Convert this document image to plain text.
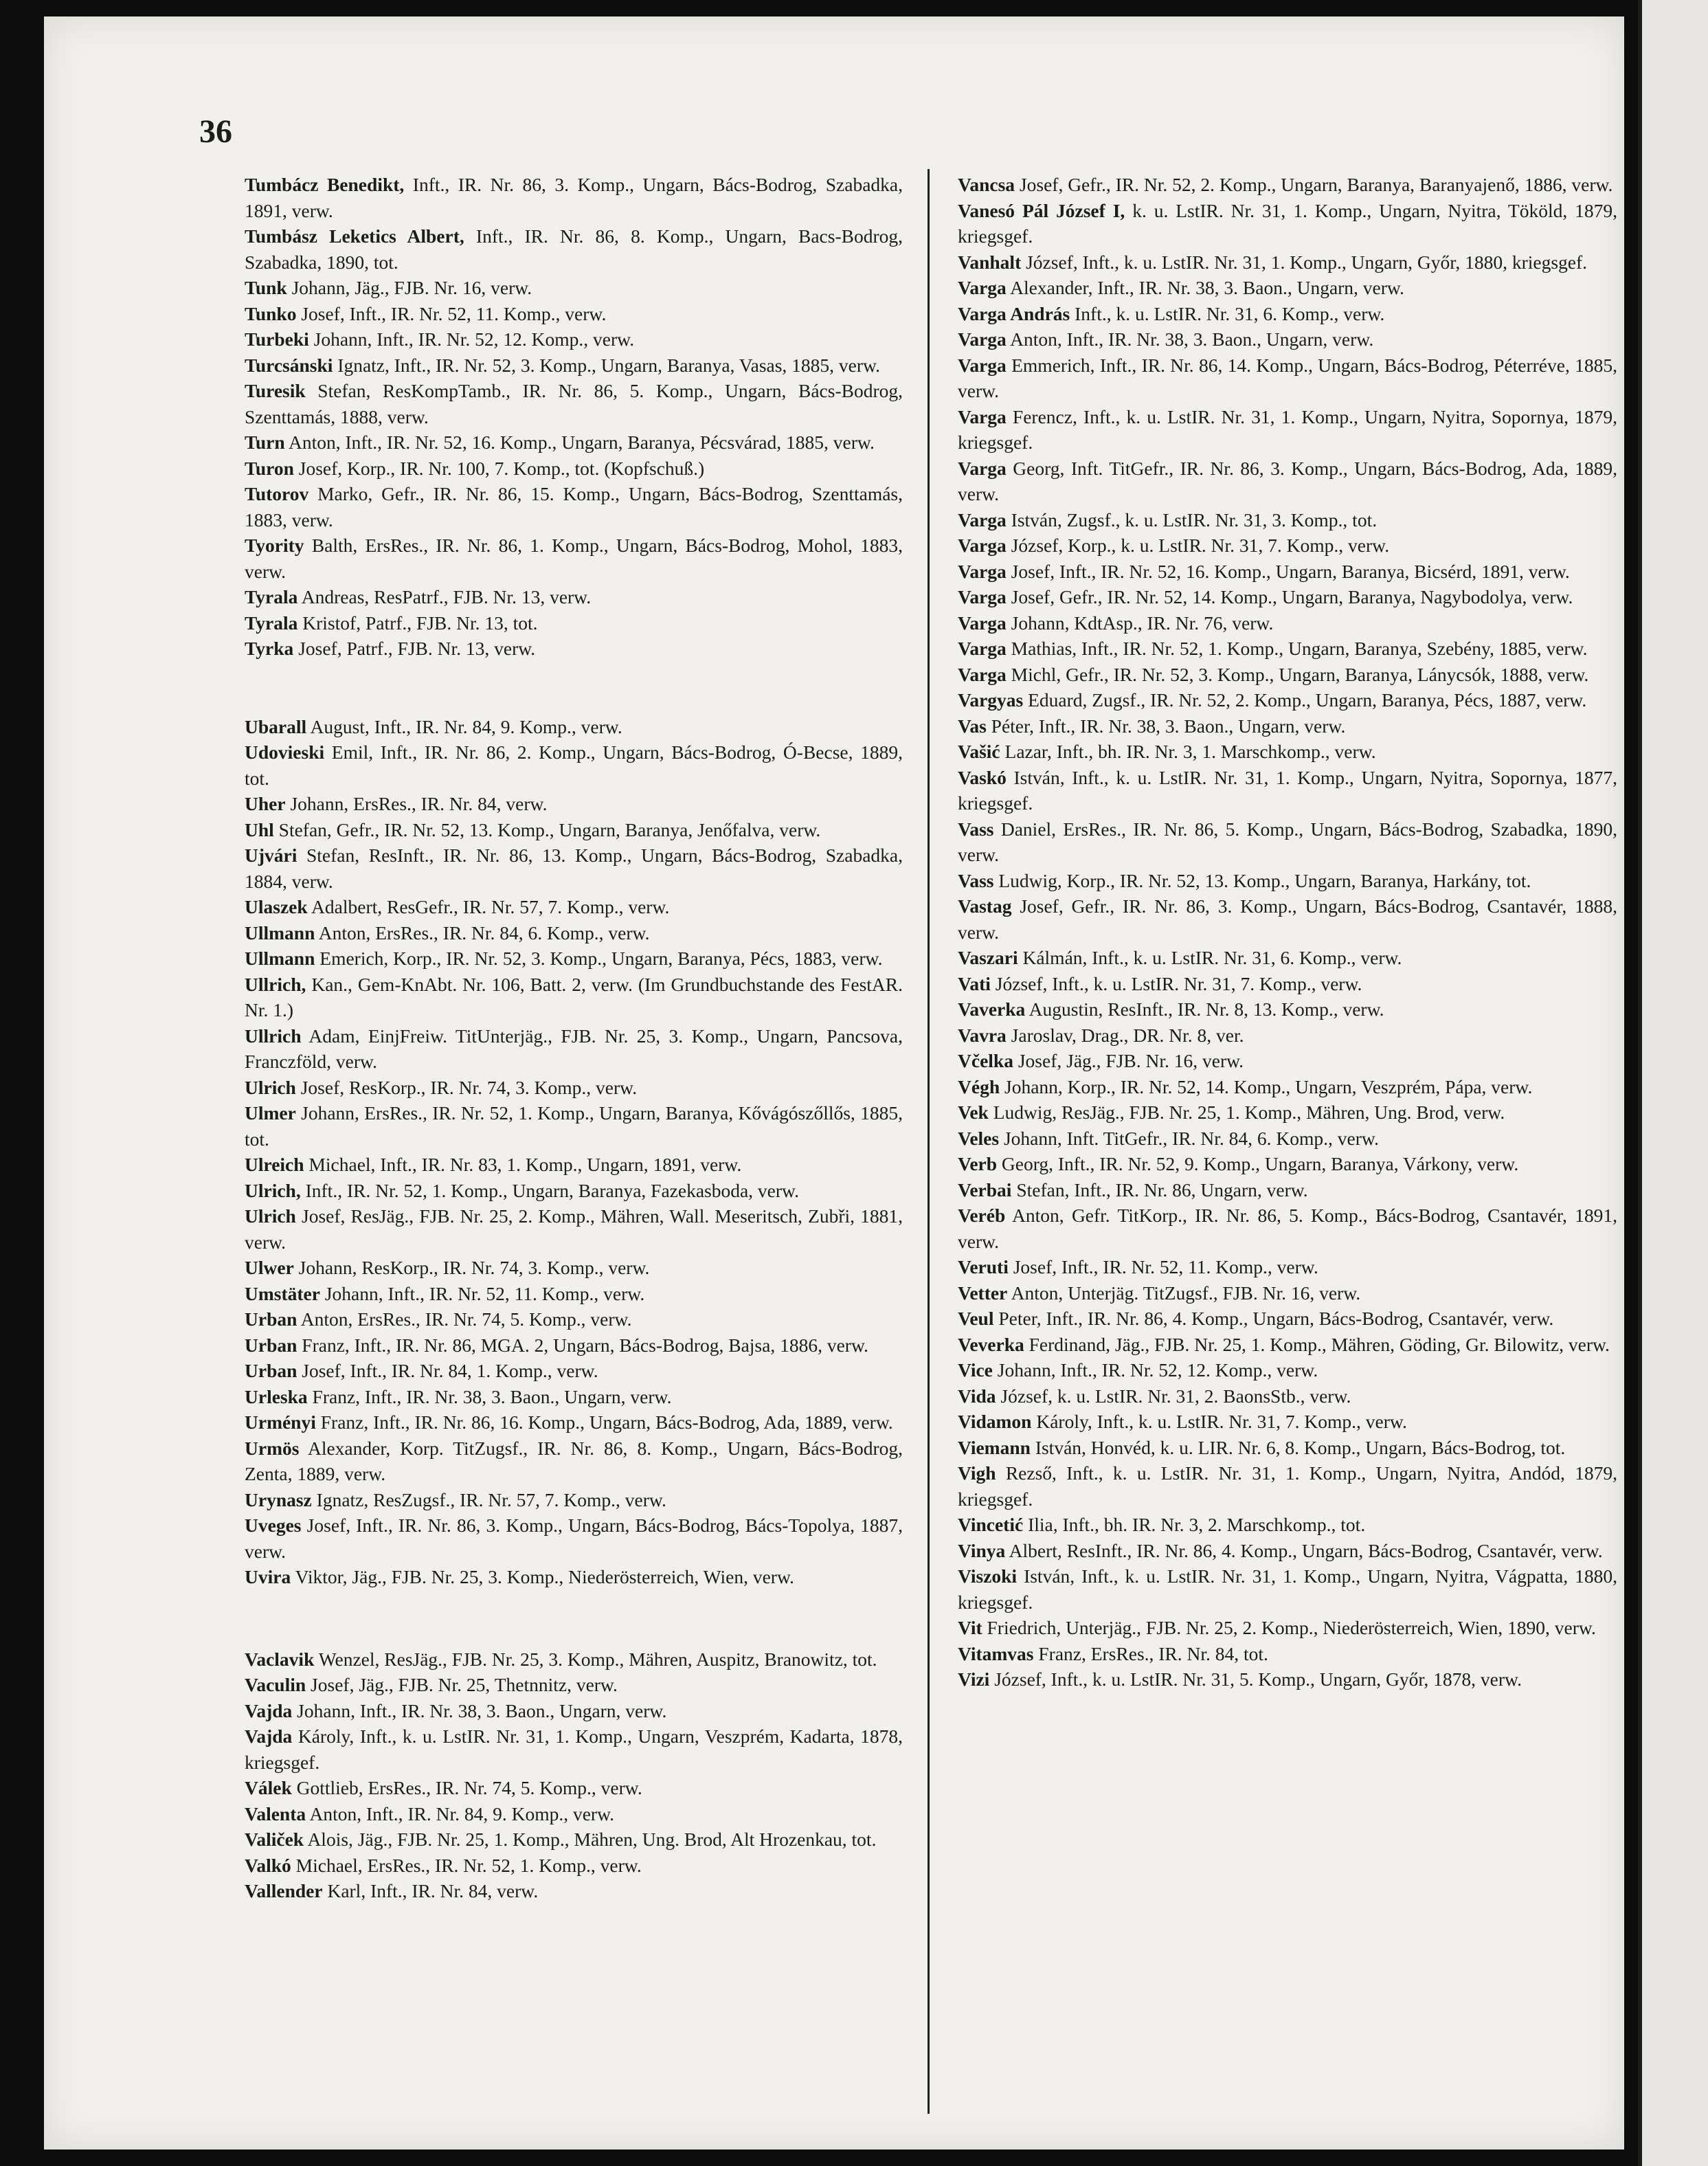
36
Tumbácz Benedikt, Inft., IR. Nr. 86, 3. Komp., Ungarn, Bács-Bodrog, Szabadka, 1891, verw.
Tumbász Leketics Albert, Inft., IR. Nr. 86, 8. Komp., Ungarn, Bacs-Bodrog, Szabadka, 1890, tot.
Tunk Johann, Jäg., FJB. Nr. 16, verw.
Tunko Josef, Inft., IR. Nr. 52, 11. Komp., verw.
Turbeki Johann, Inft., IR. Nr. 52, 12. Komp., verw.
Turcsánski Ignatz, Inft., IR. Nr. 52, 3. Komp., Ungarn, Baranya, Vasas, 1885, verw.
Turesik Stefan, ResKompTamb., IR. Nr. 86, 5. Komp., Ungarn, Bács-Bodrog, Szenttamás, 1888, verw.
Turn Anton, Inft., IR. Nr. 52, 16. Komp., Ungarn, Baranya, Pécsvárad, 1885, verw.
Turon Josef, Korp., IR. Nr. 100, 7. Komp., tot. (Kopfschuß.)
Tutorov Marko, Gefr., IR. Nr. 86, 15. Komp., Ungarn, Bács-Bodrog, Szenttamás, 1883, verw.
Tyority Balth, ErsRes., IR. Nr. 86, 1. Komp., Ungarn, Bács-Bodrog, Mohol, 1883, verw.
Tyrala Andreas, ResPatrf., FJB. Nr. 13, verw.
Tyrala Kristof, Patrf., FJB. Nr. 13, tot.
Tyrka Josef, Patrf., FJB. Nr. 13, verw.
Ubarall August, Inft., IR. Nr. 84, 9. Komp., verw.
Udovieski Emil, Inft., IR. Nr. 86, 2. Komp., Ungarn, Bács-Bodrog, Ó-Becse, 1889, tot.
Uher Johann, ErsRes., IR. Nr. 84, verw.
Uhl Stefan, Gefr., IR. Nr. 52, 13. Komp., Ungarn, Baranya, Jenőfalva, verw.
Ujvári Stefan, ResInft., IR. Nr. 86, 13. Komp., Ungarn, Bács-Bodrog, Szabadka, 1884, verw.
Ulaszek Adalbert, ResGefr., IR. Nr. 57, 7. Komp., verw.
Ullmann Anton, ErsRes., IR. Nr. 84, 6. Komp., verw.
Ullmann Emerich, Korp., IR. Nr. 52, 3. Komp., Ungarn, Baranya, Pécs, 1883, verw.
Ullrich, Kan., Gem-KnAbt. Nr. 106, Batt. 2, verw. (Im Grundbuchstande des FestAR. Nr. 1.)
Ullrich Adam, EinjFreiw. TitUnterjäg., FJB. Nr. 25, 3. Komp., Ungarn, Pancsova, Franczföld, verw.
Ulrich Josef, ResKorp., IR. Nr. 74, 3. Komp., verw.
Ulmer Johann, ErsRes., IR. Nr. 52, 1. Komp., Ungarn, Baranya, Kővágószőllős, 1885, tot.
Ulreich Michael, Inft., IR. Nr. 83, 1. Komp., Ungarn, 1891, verw.
Ulrich, Inft., IR. Nr. 52, 1. Komp., Ungarn, Baranya, Fazekasboda, verw.
Ulrich Josef, ResJäg., FJB. Nr. 25, 2. Komp., Mähren, Wall. Meseritsch, Zubři, 1881, verw.
Ulwer Johann, ResKorp., IR. Nr. 74, 3. Komp., verw.
Umstäter Johann, Inft., IR. Nr. 52, 11. Komp., verw.
Urban Anton, ErsRes., IR. Nr. 74, 5. Komp., verw.
Urban Franz, Inft., IR. Nr. 86, MGA. 2, Ungarn, Bács-Bodrog, Bajsa, 1886, verw.
Urban Josef, Inft., IR. Nr. 84, 1. Komp., verw.
Urleska Franz, Inft., IR. Nr. 38, 3. Baon., Ungarn, verw.
Urményi Franz, Inft., IR. Nr. 86, 16. Komp., Ungarn, Bács-Bodrog, Ada, 1889, verw.
Urmös Alexander, Korp. TitZugsf., IR. Nr. 86, 8. Komp., Ungarn, Bács-Bodrog, Zenta, 1889, verw.
Urynasz Ignatz, ResZugsf., IR. Nr. 57, 7. Komp., verw.
Uveges Josef, Inft., IR. Nr. 86, 3. Komp., Ungarn, Bács-Bodrog, Bács-Topolya, 1887, verw.
Uvira Viktor, Jäg., FJB. Nr. 25, 3. Komp., Niederösterreich, Wien, verw.
Vaclavik Wenzel, ResJäg., FJB. Nr. 25, 3. Komp., Mähren, Auspitz, Branowitz, tot.
Vaculin Josef, Jäg., FJB. Nr. 25, Thetnnitz, verw.
Vajda Johann, Inft., IR. Nr. 38, 3. Baon., Ungarn, verw.
Vajda Károly, Inft., k. u. LstIR. Nr. 31, 1. Komp., Ungarn, Veszprém, Kadarta, 1878, kriegsgef.
Válek Gottlieb, ErsRes., IR. Nr. 74, 5. Komp., verw.
Valenta Anton, Inft., IR. Nr. 84, 9. Komp., verw.
Valiček Alois, Jäg., FJB. Nr. 25, 1. Komp., Mähren, Ung. Brod, Alt Hrozenkau, tot.
Valkó Michael, ErsRes., IR. Nr. 52, 1. Komp., verw.
Vallender Karl, Inft., IR. Nr. 84, verw.
Vancsa Josef, Gefr., IR. Nr. 52, 2. Komp., Ungarn, Baranya, Baranyajenő, 1886, verw.
Vanesó Pál József I, k. u. LstIR. Nr. 31, 1. Komp., Ungarn, Nyitra, Tököld, 1879, kriegsgef.
Vanhalt József, Inft., k. u. LstIR. Nr. 31, 1. Komp., Ungarn, Győr, 1880, kriegsgef.
Varga Alexander, Inft., IR. Nr. 38, 3. Baon., Ungarn, verw.
Varga András Inft., k. u. LstIR. Nr. 31, 6. Komp., verw.
Varga Anton, Inft., IR. Nr. 38, 3. Baon., Ungarn, verw.
Varga Emmerich, Inft., IR. Nr. 86, 14. Komp., Ungarn, Bács-Bodrog, Péterréve, 1885, verw.
Varga Ferencz, Inft., k. u. LstIR. Nr. 31, 1. Komp., Ungarn, Nyitra, Sopornya, 1879, kriegsgef.
Varga Georg, Inft. TitGefr., IR. Nr. 86, 3. Komp., Ungarn, Bács-Bodrog, Ada, 1889, verw.
Varga István, Zugsf., k. u. LstIR. Nr. 31, 3. Komp., tot.
Varga József, Korp., k. u. LstIR. Nr. 31, 7. Komp., verw.
Varga Josef, Inft., IR. Nr. 52, 16. Komp., Ungarn, Baranya, Bicsérd, 1891, verw.
Varga Josef, Gefr., IR. Nr. 52, 14. Komp., Ungarn, Baranya, Nagybodolya, verw.
Varga Johann, KdtAsp., IR. Nr. 76, verw.
Varga Mathias, Inft., IR. Nr. 52, 1. Komp., Ungarn, Baranya, Szebény, 1885, verw.
Varga Michl, Gefr., IR. Nr. 52, 3. Komp., Ungarn, Baranya, Lánycsók, 1888, verw.
Vargyas Eduard, Zugsf., IR. Nr. 52, 2. Komp., Ungarn, Baranya, Pécs, 1887, verw.
Vas Péter, Inft., IR. Nr. 38, 3. Baon., Ungarn, verw.
Vašić Lazar, Inft., bh. IR. Nr. 3, 1. Marschkomp., verw.
Vaskó István, Inft., k. u. LstIR. Nr. 31, 1. Komp., Ungarn, Nyitra, Sopornya, 1877, kriegsgef.
Vass Daniel, ErsRes., IR. Nr. 86, 5. Komp., Ungarn, Bács-Bodrog, Szabadka, 1890, verw.
Vass Ludwig, Korp., IR. Nr. 52, 13. Komp., Ungarn, Baranya, Harkány, tot.
Vastag Josef, Gefr., IR. Nr. 86, 3. Komp., Ungarn, Bács-Bodrog, Csantavér, 1888, verw.
Vaszari Kálmán, Inft., k. u. LstIR. Nr. 31, 6. Komp., verw.
Vati József, Inft., k. u. LstIR. Nr. 31, 7. Komp., verw.
Vaverka Augustin, ResInft., IR. Nr. 8, 13. Komp., verw.
Vavra Jaroslav, Drag., DR. Nr. 8, ver.
Včelka Josef, Jäg., FJB. Nr. 16, verw.
Végh Johann, Korp., IR. Nr. 52, 14. Komp., Ungarn, Veszprém, Pápa, verw.
Vek Ludwig, ResJäg., FJB. Nr. 25, 1. Komp., Mähren, Ung. Brod, verw.
Veles Johann, Inft. TitGefr., IR. Nr. 84, 6. Komp., verw.
Verb Georg, Inft., IR. Nr. 52, 9. Komp., Ungarn, Baranya, Várkony, verw.
Verbai Stefan, Inft., IR. Nr. 86, Ungarn, verw.
Veréb Anton, Gefr. TitKorp., IR. Nr. 86, 5. Komp., Bács-Bodrog, Csantavér, 1891, verw.
Veruti Josef, Inft., IR. Nr. 52, 11. Komp., verw.
Vetter Anton, Unterjäg. TitZugsf., FJB. Nr. 16, verw.
Veul Peter, Inft., IR. Nr. 86, 4. Komp., Ungarn, Bács-Bodrog, Csantavér, verw.
Veverka Ferdinand, Jäg., FJB. Nr. 25, 1. Komp., Mähren, Göding, Gr. Bilowitz, verw.
Vice Johann, Inft., IR. Nr. 52, 12. Komp., verw.
Vida József, k. u. LstIR. Nr. 31, 2. BaonsStb., verw.
Vidamon Károly, Inft., k. u. LstIR. Nr. 31, 7. Komp., verw.
Viemann István, Honvéd, k. u. LIR. Nr. 6, 8. Komp., Ungarn, Bács-Bodrog, tot.
Vigh Rezső, Inft., k. u. LstIR. Nr. 31, 1. Komp., Ungarn, Nyitra, Andód, 1879, kriegsgef.
Vincetić Ilia, Inft., bh. IR. Nr. 3, 2. Marschkomp., tot.
Vinya Albert, ResInft., IR. Nr. 86, 4. Komp., Ungarn, Bács-Bodrog, Csantavér, verw.
Viszoki István, Inft., k. u. LstIR. Nr. 31, 1. Komp., Ungarn, Nyitra, Vágpatta, 1880, kriegsgef.
Vit Friedrich, Unterjäg., FJB. Nr. 25, 2. Komp., Niederösterreich, Wien, 1890, verw.
Vitamvas Franz, ErsRes., IR. Nr. 84, tot.
Vizi József, Inft., k. u. LstIR. Nr. 31, 5. Komp., Ungarn, Győr, 1878, verw.
